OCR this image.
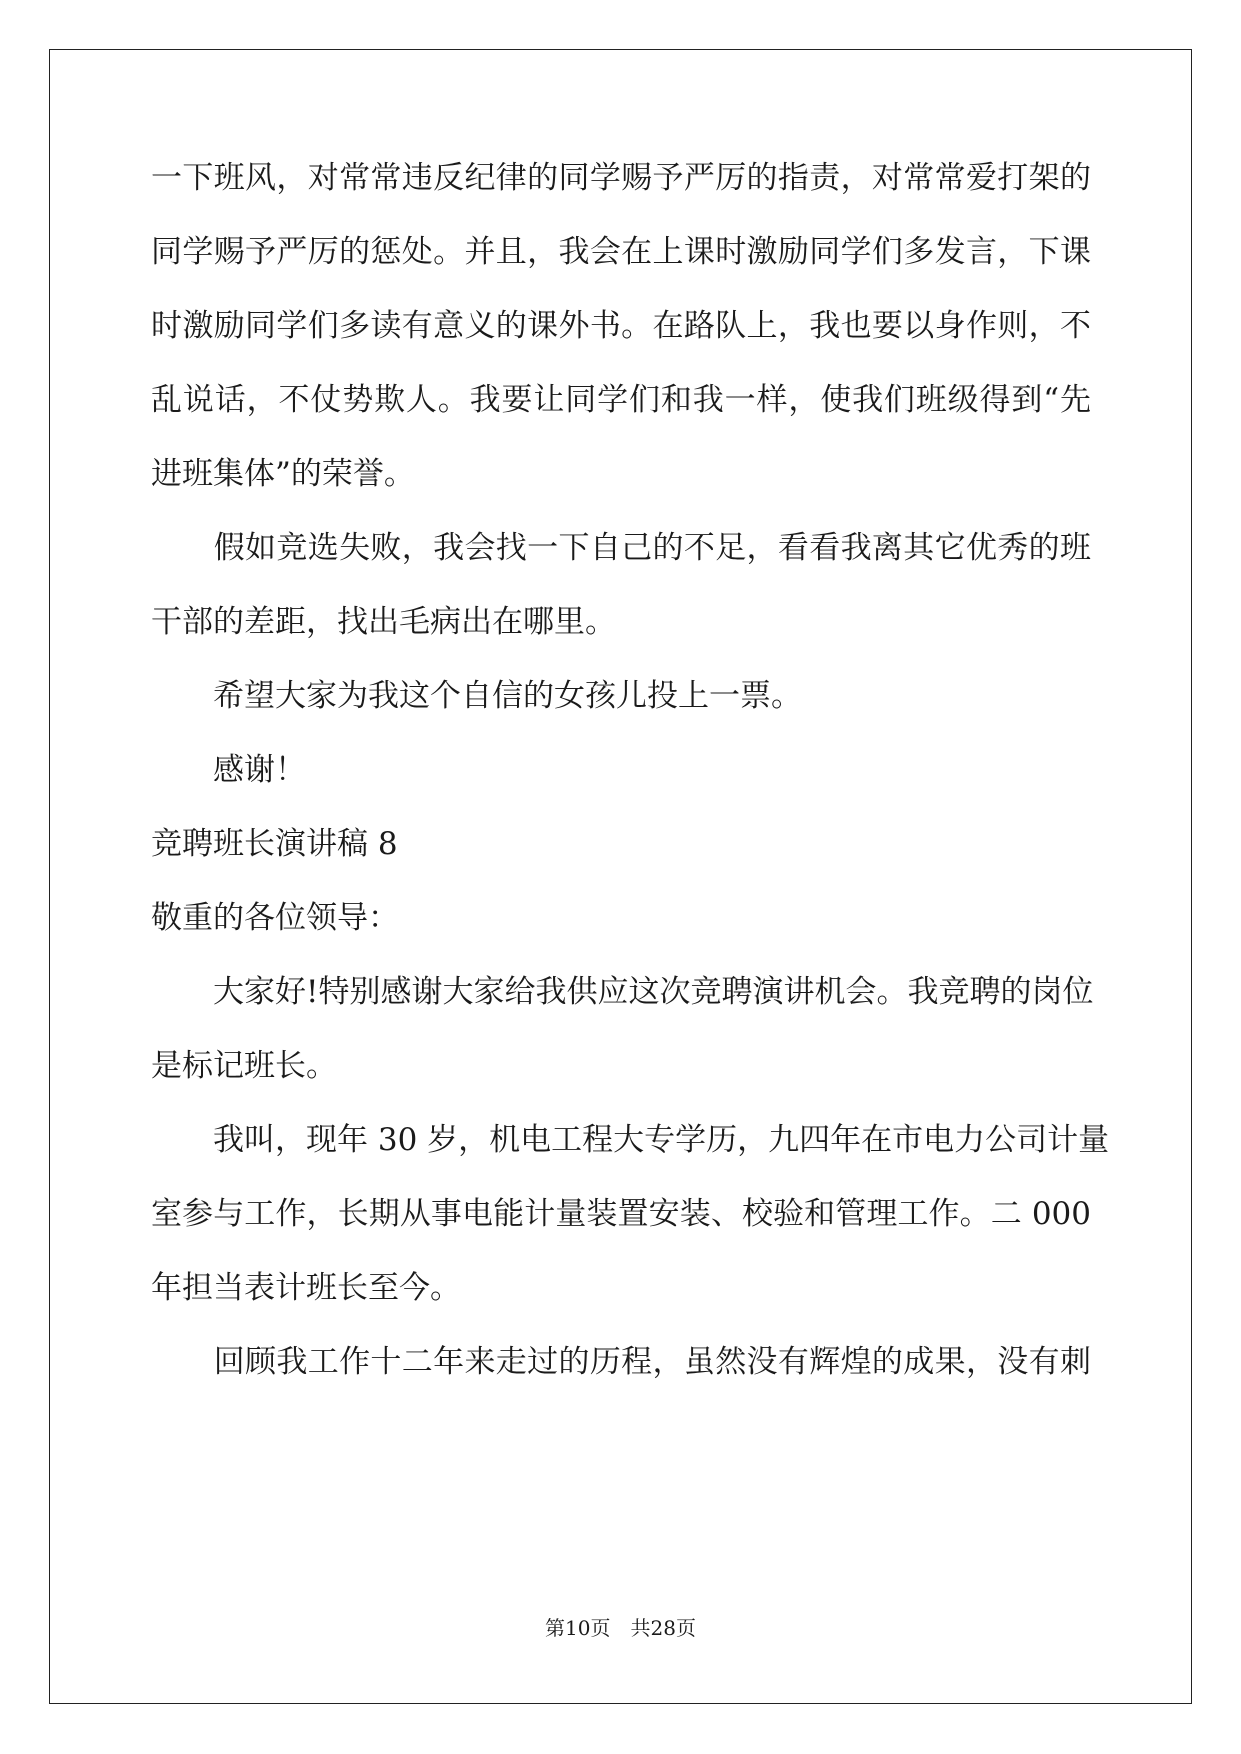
一下班风，对常常违反纪律的同学赐予严厉的指责，对常常爱打架的
同学赐予严厉的惩处。并且，我会在上课时激励同学们多发言，下课
时激励同学们多读有意义的课外书。在路队上，我也要以身作则，不
乱说话，不仗势欺人。我要让同学们和我一样，使我们班级得到“先
进班集体”的荣誉。
　　假如竞选失败，我会找一下自己的不足，看看我离其它优秀的班
干部的差距，找出毛病出在哪里。
　　希望大家为我这个自信的女孩儿投上一票。
　　感谢！
竞聘班长演讲稿 8
敬重的各位领导：
　　大家好!特别感谢大家给我供应这次竞聘演讲机会。我竞聘的岗位
是标记班长。
　　我叫，现年 30 岁，机电工程大专学历，九四年在市电力公司计量
室参与工作，长期从事电能计量装置安装、校验和管理工作。二 000
年担当表计班长至今。
　　回顾我工作十二年来走过的历程，虽然没有辉煌的成果，没有刺
第10页　共28页
